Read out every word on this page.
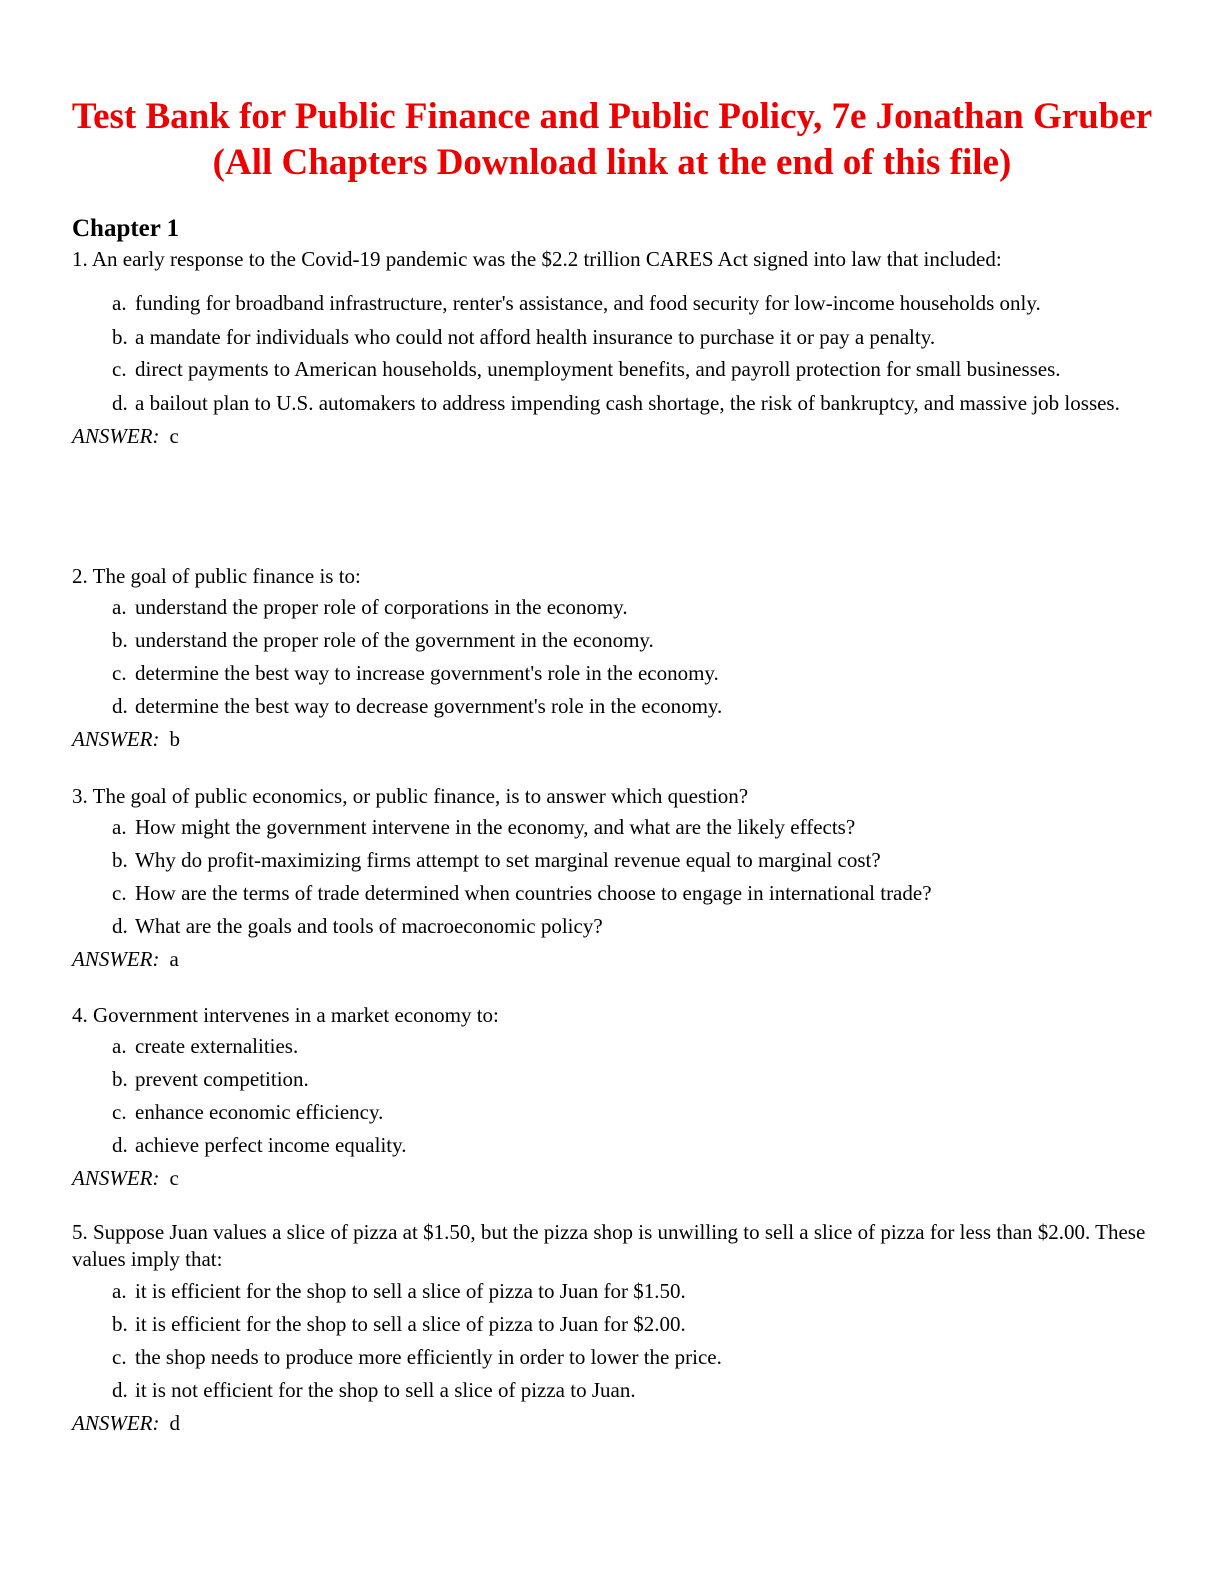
Test Bank for Public Finance and Public Policy, 7e Jonathan Gruber (All Chapters Download link at the end of this file)
Chapter 1

1. An early response to the Covid-19 pandemic was the $2.2 trillion CARES Act signed into law that included:

a. funding for broadband infrastructure, renter's assistance, and food security for low-income households only.
b. a mandate for individuals who could not afford health insurance to purchase it or pay a penalty.
c. direct payments to American households, unemployment benefits, and payroll protection for small businesses.
d. a bailout plan to U.S. automakers to address impending cash shortage, the risk of bankruptcy, and massive job losses.

ANSWER: c

2. The goal of public finance is to:

a. understand the proper role of corporations in the economy.
b. understand the proper role of the government in the economy.
c. determine the best way to increase government's role in the economy.
d. determine the best way to decrease government's role in the economy.

ANSWER: b

3. The goal of public economics, or public finance, is to answer which question?

a. How might the government intervene in the economy, and what are the likely effects?
b. Why do profit-maximizing firms attempt to set marginal revenue equal to marginal cost?
c. How are the terms of trade determined when countries choose to engage in international trade?
d. What are the goals and tools of macroeconomic policy?

ANSWER: a

4. Government intervenes in a market economy to:

a. create externalities.
b. prevent competition.
c. enhance economic efficiency.
d. achieve perfect income equality.

ANSWER: c

5. Suppose Juan values a slice of pizza at $1.50, but the pizza shop is unwilling to sell a slice of pizza for less than $2.00. These values imply that:

a. it is efficient for the shop to sell a slice of pizza to Juan for $1.50.
b. it is efficient for the shop to sell a slice of pizza to Juan for $2.00.
c. the shop needs to produce more efficiently in order to lower the price.
d. it is not efficient for the shop to sell a slice of pizza to Juan.

ANSWER: d
